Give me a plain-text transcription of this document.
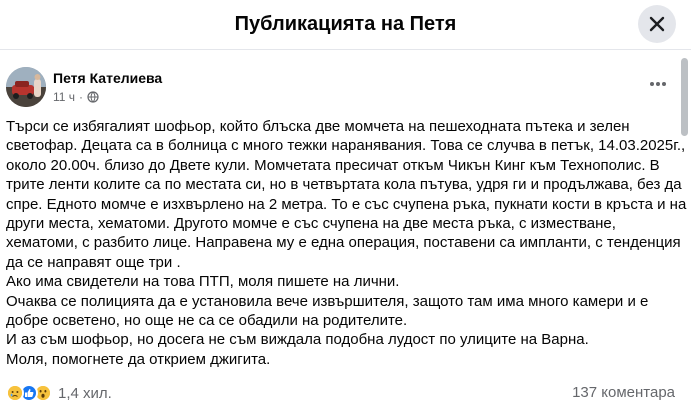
Публикацията на Петя
Петя Кателиева
11 ч ·
Търси се избягалият шофьор, който блъска две момчета на пешеходната пътека и зелен
светофар. Децата са в болница с много тежки наранявания. Това се случва в петък, 14.03.2025г.,
около 20.00ч. близо до Двете кули. Момчетата пресичат откъм Чикън Кинг към Технополис. В
трите ленти колите са по местата си, но в четвъртата кола пътува, удря ги и продължава, без да
спре. Едното момче е изхвърлено на 2 метра. То е със счупена ръка, пукнати кости в кръста и на
други места, хематоми. Другото момче е със счупена на две места ръка, с изместване,
хематоми, с разбито лице. Направена му е една операция, поставени са импланти, с тенденция
да се направят още три .
Ако има свидетели на това ПТП, моля пишете на лични.
Очаква се полицията да е установила вече извършителя, защото там има много камери и е
добре осветено, но още не са се обадили на родителите.
И аз съм шофьор, но досега не съм виждала подобна лудост по улиците на Варна.
Моля, помогнете да открием джигита.
1,4 хил.	137 коментара
